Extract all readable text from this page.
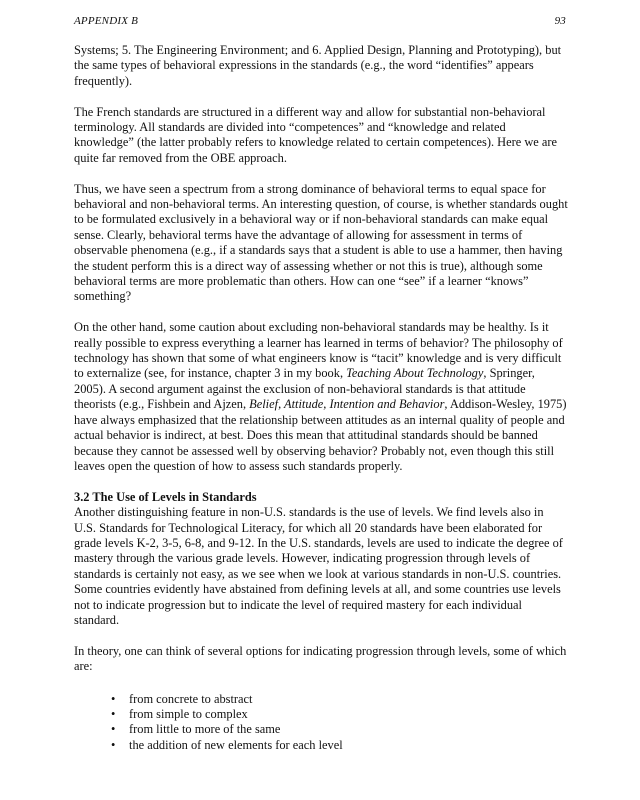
APPENDIX B	93

Systems; 5. The Engineering Environment; and 6. Applied Design, Planning and Prototyping), but the same types of behavioral expressions in the standards (e.g., the word “identifies” appears frequently).

The French standards are structured in a different way and allow for substantial non-behavioral terminology. All standards are divided into “competences” and “knowledge and related knowledge” (the latter probably refers to knowledge related to certain competences). Here we are quite far removed from the OBE approach.

Thus, we have seen a spectrum from a strong dominance of behavioral terms to equal space for behavioral and non-behavioral terms. An interesting question, of course, is whether standards ought to be formulated exclusively in a behavioral way or if non-behavioral standards can make equal sense. Clearly, behavioral terms have the advantage of allowing for assessment in terms of observable phenomena (e.g., if a standards says that a student is able to use a hammer, then having the student perform this is a direct way of assessing whether or not this is true), although some behavioral terms are more problematic than others. How can one “see” if a learner “knows” something?

On the other hand, some caution about excluding non-behavioral standards may be healthy. Is it really possible to express everything a learner has learned in terms of behavior? The philosophy of technology has shown that some of what engineers know is “tacit” knowledge and is very difficult to externalize (see, for instance, chapter 3 in my book, Teaching About Technology, Springer, 2005). A second argument against the exclusion of non-behavioral standards is that attitude theorists (e.g., Fishbein and Ajzen, Belief, Attitude, Intention and Behavior, Addison-Wesley, 1975) have always emphasized that the relationship between attitudes as an internal quality of people and actual behavior is indirect, at best. Does this mean that attitudinal standards should be banned because they cannot be assessed well by observing behavior? Probably not, even though this still leaves open the question of how to assess such standards properly.

3.2 The Use of Levels in Standards

Another distinguishing feature in non-U.S. standards is the use of levels. We find levels also in U.S. Standards for Technological Literacy, for which all 20 standards have been elaborated for grade levels K-2, 3-5, 6-8, and 9-12. In the U.S. standards, levels are used to indicate the degree of mastery through the various grade levels. However, indicating progression through levels of standards is certainly not easy, as we see when we look at various standards in non-U.S. countries. Some countries evidently have abstained from defining levels at all, and some countries use levels not to indicate progression but to indicate the level of required mastery for each individual standard.

In theory, one can think of several options for indicating progression through levels, some of which are:

• from concrete to abstract
• from simple to complex
• from little to more of the same
• the addition of new elements for each level
